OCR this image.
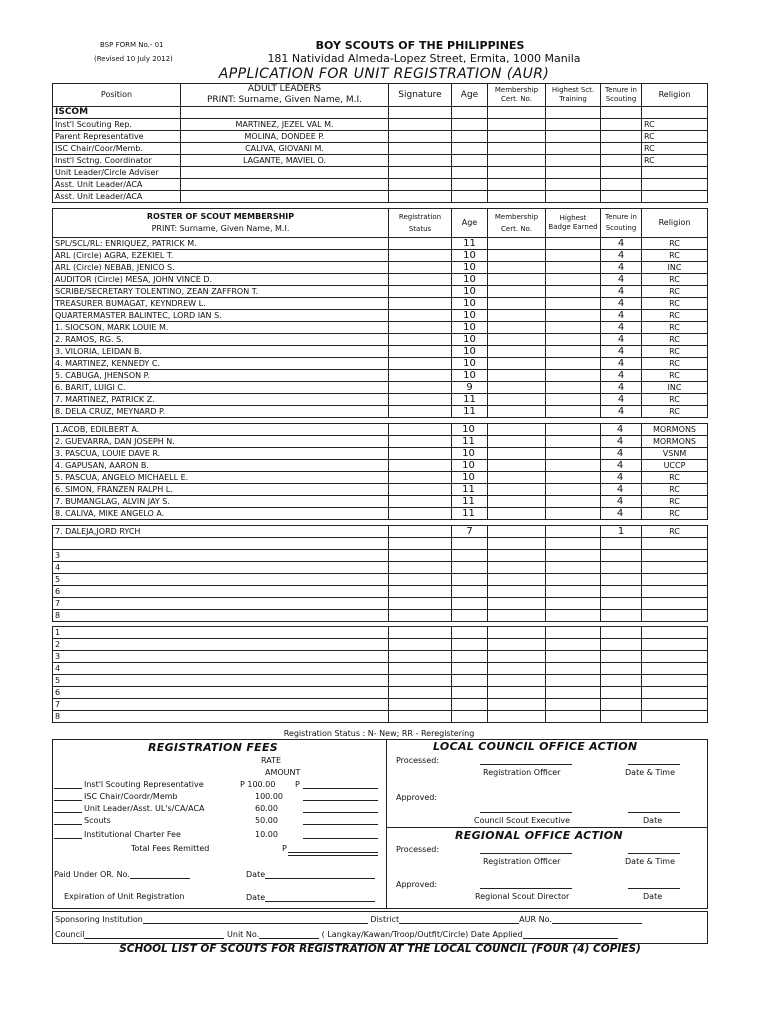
BSP FORM No.- 01
(Revised 10 July 2012)
BOY SCOUTS OF THE PHILIPPINES
181 Natividad Almeda-Lopez Street, Ermita, 1000 Manila
APPLICATION FOR UNIT REGISTRATION (AUR)
Position	ADULT LEADERS
PRINT: Surname, Given Name, M.I.	Signature	Age	Membership Cert. No.	Highest Sct. Training	Tenure in Scouting	Religion
ISCOM							
Inst'l Scouting Rep.	MARTINEZ, JEZEL VAL M.						RC
Parent Representative	MOLINA, DONDEE P.						RC
ISC Chair/Coor/Memb.	CALIVA, GIOVANI M.						RC
Inst'l Sctng. Coordinator	LAGANTE, MAVIEL O.						RC
Unit Leader/Circle Adviser							
Asst. Unit Leader/ACA							
Asst. Unit Leader/ACA							
ROSTER OF SCOUT MEMBERSHIP
PRINT: Surname, Given Name, M.I.	Registration Status	Age	Membership Cert. No.	Highest Badge Earned	Tenure in Scouting	Religion
SPL/SCL/RL: ENRIQUEZ, PATRICK M.		11			4	RC
ARL (Circle) AGRA, EZEKIEL T.		10			4	RC
ARL (Circle) NEBAB, JENICO S.		10			4	INC
AUDITOR (Circle) MESA, JOHN VINCE D.		10			4	RC
SCRIBE/SECRETARY TOLENTINO, ZEAN ZAFFRON T.		10			4	RC
TREASURER BUMAGAT, KEYNDREW L.		10			4	RC
QUARTERMASTER BALINTEC, LORD IAN S.		10			4	RC
1. SIOCSON, MARK LOUIE M.		10			4	RC
2. RAMOS, RG. S.		10			4	RC
3. VILORIA, LEIDAN B.		10			4	RC
4. MARTINEZ, KENNEDY C.		10			4	RC
5. CABUGA, JHENSON P.		10			4	RC
6. BARIT, LUIGI C.		9			4	INC
7. MARTINEZ, PATRICK Z.		11			4	RC
8. DELA CRUZ, MEYNARD P.		11			4	RC
1.ACOB, EDILBERT A.		10			4	MORMONS
2. GUEVARRA, DAN JOSEPH N.		11			4	MORMONS
3. PASCUA, LOUIE DAVE R.		10			4	VSNM
4. GAPUSAN, AARON B.		10			4	UCCP
5. PASCUA, ANGELO MICHAELL E.		10			4	RC
6. SIMON, FRANZEN RALPH L.		11			4	RC
7. BUMANGLAG, ALVIN JAY S.		11			4	RC
8. CALIVA, MIKE ANGELO A.		11			4	RC
7. DALEJA,JORD RYCH		7			1	RC

3						
4						
5						
6						
7						
8						
1						
2						
3						
4						
5						
6						
7						
8						
Registration Status : N- New; RR - Reregistering
REGISTRATION FEES
RATE
AMOUNT
Inst'l Scouting Representative	P 100.00 P
ISC Chair/Coordr/Memb	100.00
Unit Leader/Asst. UL's/CA/ACA	60.00
Scouts	50.00
Institutional Charter Fee	10.00
Total Fees Remitted	P
Paid Under OR. No.	Date
Expiration of Unit Registration	Date
LOCAL COUNCIL OFFICE ACTION
Processed:
Registration Officer	Date & Time
Approved:
Council Scout Executive	Date
REGIONAL OFFICE ACTION
Processed:
Registration Officer	Date & Time
Approved:
Regional Scout Director	Date
Sponsoring Institution	District	AUR No.
Council	Unit No.	( Langkay/Kawan/Troop/Outfit/Circle) Date Applied
SCHOOL LIST OF SCOUTS FOR REGISTRATION AT THE LOCAL COUNCIL (FOUR (4) COPIES)
